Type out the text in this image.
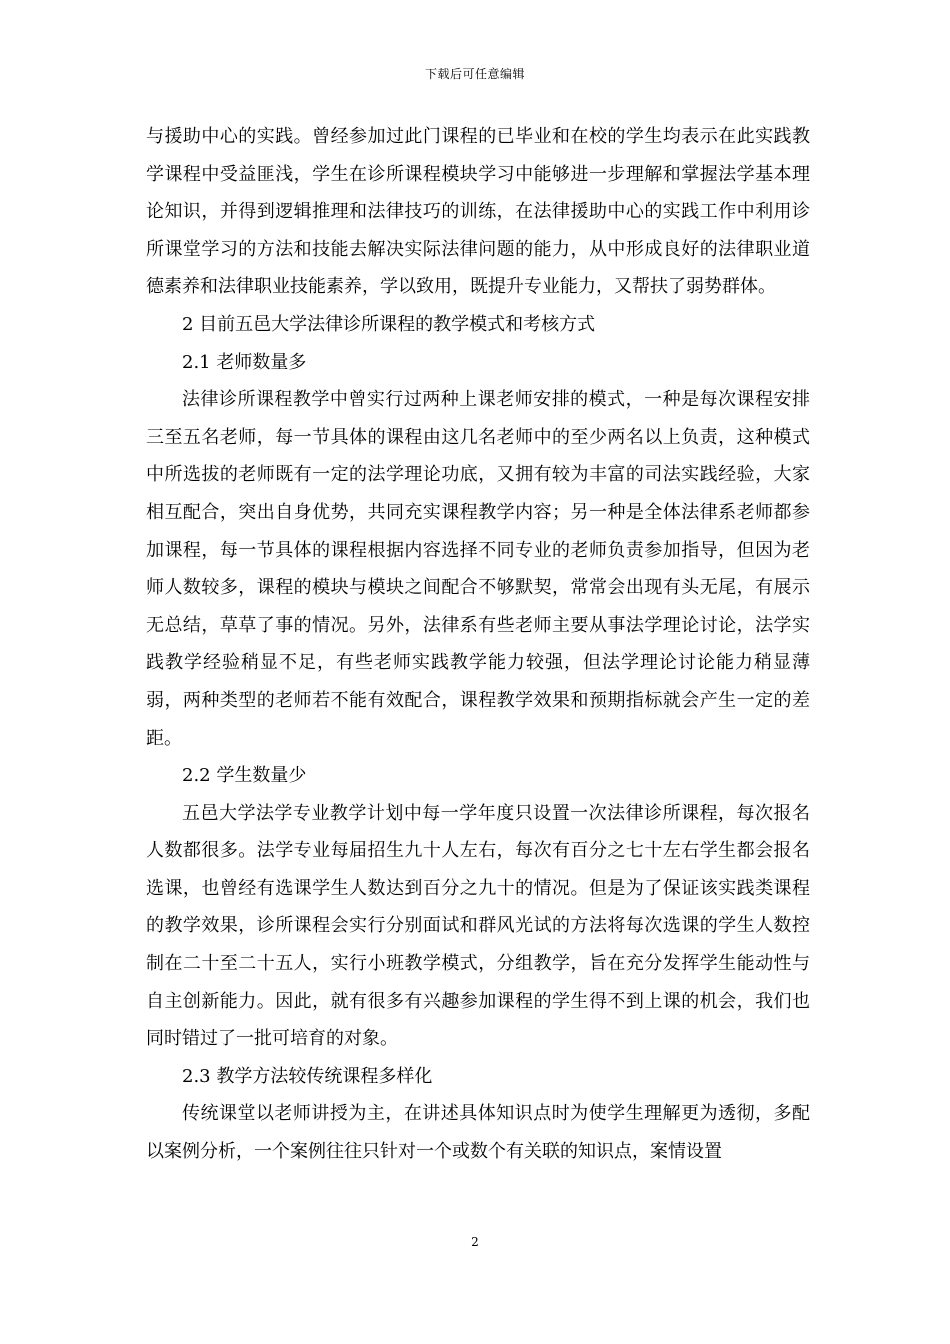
下载后可任意编辑

与援助中心的实践。曾经参加过此门课程的已毕业和在校的学生均表示在此实践教学课程中受益匪浅，学生在诊所课程模块学习中能够进一步理解和掌握法学基本理论知识，并得到逻辑推理和法律技巧的训练，在法律援助中心的实践工作中利用诊所课堂学习的方法和技能去解决实际法律问题的能力，从中形成良好的法律职业道德素养和法律职业技能素养，学以致用，既提升专业能力，又帮扶了弱势群体。

2 目前五邑大学法律诊所课程的教学模式和考核方式

2.1 老师数量多

法律诊所课程教学中曾实行过两种上课老师安排的模式，一种是每次课程安排三至五名老师，每一节具体的课程由这几名老师中的至少两名以上负责，这种模式中所选拔的老师既有一定的法学理论功底，又拥有较为丰富的司法实践经验，大家相互配合，突出自身优势，共同充实课程教学内容；另一种是全体法律系老师都参加课程，每一节具体的课程根据内容选择不同专业的老师负责参加指导，但因为老师人数较多，课程的模块与模块之间配合不够默契，常常会出现有头无尾，有展示无总结，草草了事的情况。另外，法律系有些老师主要从事法学理论讨论，法学实践教学经验稍显不足，有些老师实践教学能力较强，但法学理论讨论能力稍显薄弱，两种类型的老师若不能有效配合，课程教学效果和预期指标就会产生一定的差距。

2.2 学生数量少

五邑大学法学专业教学计划中每一学年度只设置一次法律诊所课程，每次报名人数都很多。法学专业每届招生九十人左右，每次有百分之七十左右学生都会报名选课，也曾经有选课学生人数达到百分之九十的情况。但是为了保证该实践类课程的教学效果，诊所课程会实行分别面试和群风光试的方法将每次选课的学生人数控制在二十至二十五人，实行小班教学模式，分组教学，旨在充分发挥学生能动性与自主创新能力。因此，就有很多有兴趣参加课程的学生得不到上课的机会，我们也同时错过了一批可培育的对象。

2.3 教学方法较传统课程多样化

传统课堂以老师讲授为主，在讲述具体知识点时为使学生理解更为透彻，多配以案例分析，一个案例往往只针对一个或数个有关联的知识点，案情设置

2
